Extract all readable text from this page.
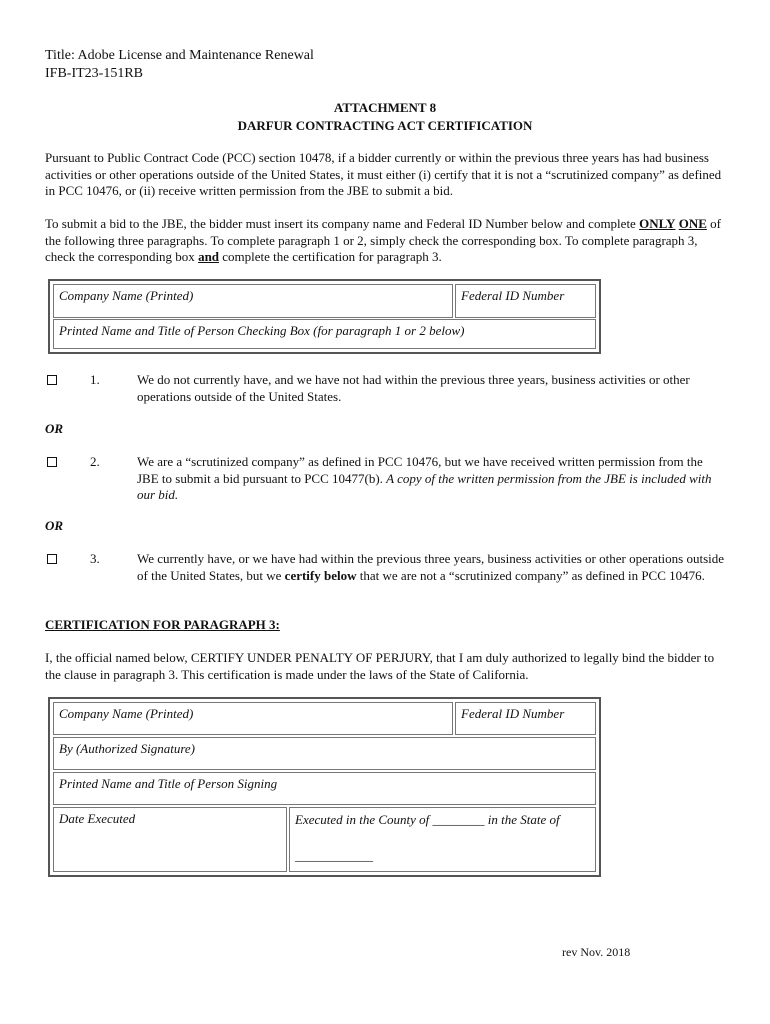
Title: Adobe License and Maintenance Renewal
IFB-IT23-151RB
ATTACHMENT 8
DARFUR CONTRACTING ACT CERTIFICATION
Pursuant to Public Contract Code (PCC) section 10478, if a bidder currently or within the previous three years has had business activities or other operations outside of the United States, it must either (i) certify that it is not a “scrutinized company” as defined in PCC 10476, or (ii) receive written permission from the JBE to submit a bid.
To submit a bid to the JBE, the bidder must insert its company name and Federal ID Number below and complete ONLY ONE of the following three paragraphs. To complete paragraph 1 or 2, simply check the corresponding box. To complete paragraph 3, check the corresponding box and complete the certification for paragraph 3.
Company Name (Printed)	Federal ID Number
Printed Name and Title of Person Checking Box (for paragraph 1 or 2 below)
1.	We do not currently have, and we have not had within the previous three years, business activities or other operations outside of the United States.
OR
2.	We are a “scrutinized company” as defined in PCC 10476, but we have received written permission from the JBE to submit a bid pursuant to PCC 10477(b). A copy of the written permission from the JBE is included with our bid.
OR
3.	We currently have, or we have had within the previous three years, business activities or other operations outside of the United States, but we certify below that we are not a “scrutinized company” as defined in PCC 10476.
CERTIFICATION FOR PARAGRAPH 3:
I, the official named below, CERTIFY UNDER PENALTY OF PERJURY, that I am duly authorized to legally bind the bidder to the clause in paragraph 3. This certification is made under the laws of the State of California.
Company Name (Printed)	Federal ID Number
By (Authorized Signature)
Printed Name and Title of Person Signing
Date Executed	Executed in the County of ________ in the State of
____________
rev Nov. 2018
